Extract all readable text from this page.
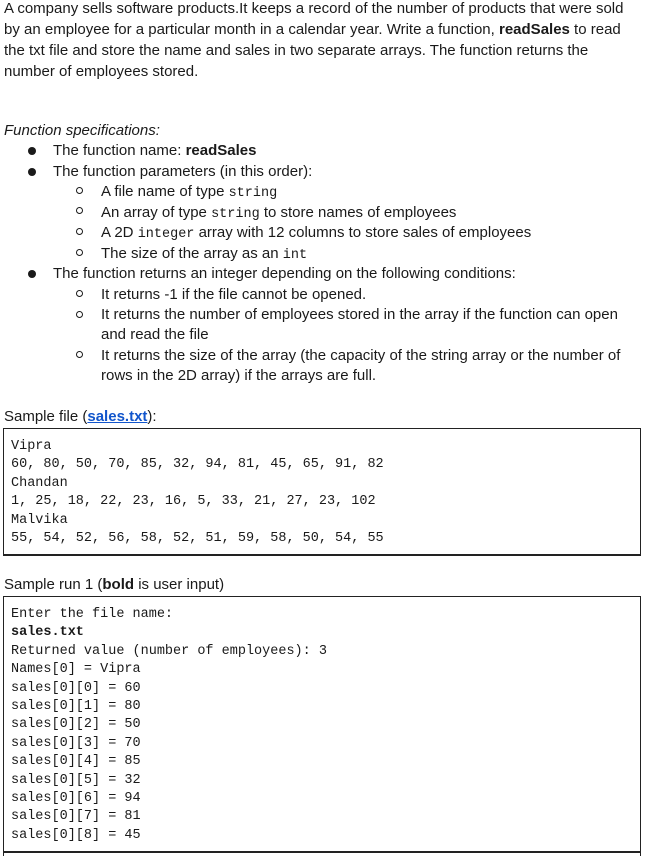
A company sells software products.It keeps a record of the number of products that were sold by an employee for a particular month in a calendar year. Write a function, readSales to read the txt file and store the name and sales in two separate arrays. The function returns the number of employees stored.

Function specifications:

The function name: readSales
The function parameters (in this order):
A file name of type string
An array of type string to store names of employees
A 2D integer array with 12 columns to store sales of employees
The size of the array as an int
The function returns an integer depending on the following conditions:
It returns -1 if the file cannot be opened.
It returns the number of employees stored in the array if the function can open and read the file
It returns the size of the array (the capacity of the string array or the number of rows in the 2D array) if the arrays are full.
Sample file (sales.txt):
Vipra
60, 80, 50, 70, 85, 32, 94, 81, 45, 65, 91, 82
Chandan
1, 25, 18, 22, 23, 16, 5, 33, 21, 27, 23, 102
Malvika
55, 54, 52, 56, 58, 52, 51, 59, 58, 50, 54, 55
Sample run 1 (bold is user input)
Enter the file name:
sales.txt
Returned value (number of employees): 3
Names[0] = Vipra
sales[0][0] = 60
sales[0][1] = 80
sales[0][2] = 50
sales[0][3] = 70
sales[0][4] = 85
sales[0][5] = 32
sales[0][6] = 94
sales[0][7] = 81
sales[0][8] = 45
